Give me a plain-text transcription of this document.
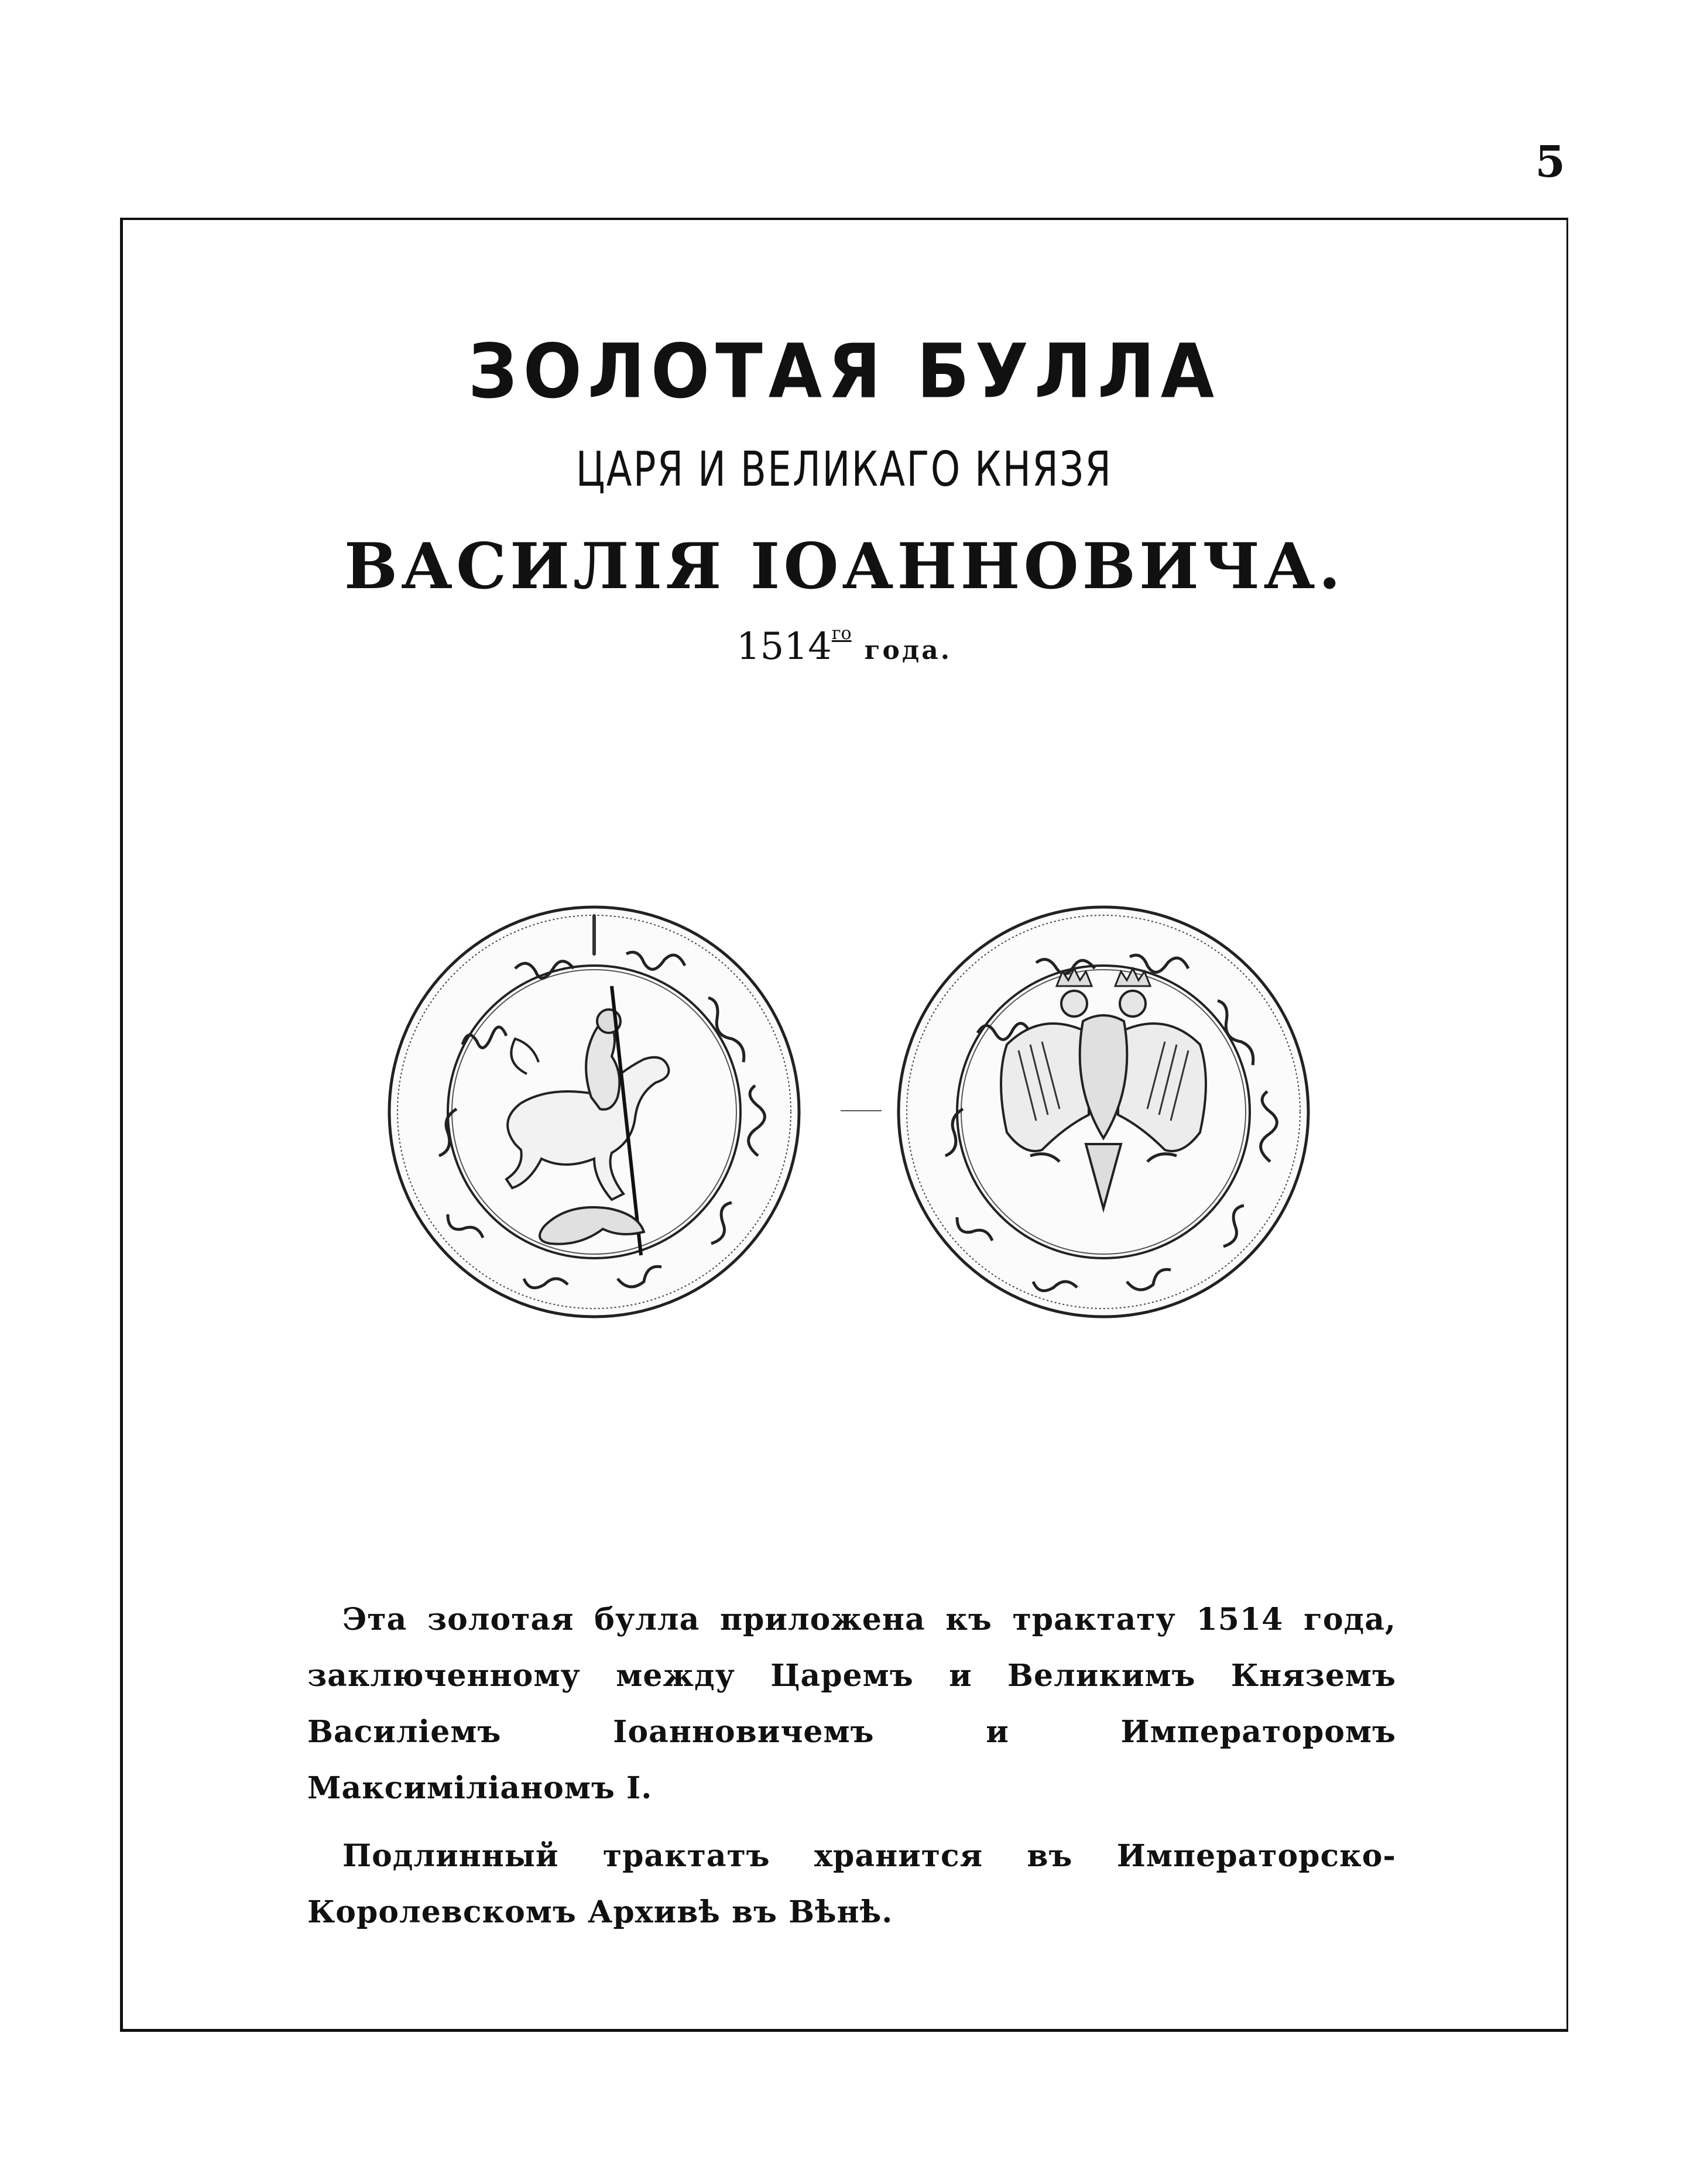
5
ЗОЛОТАЯ БУЛЛА
ЦАРЯ И ВЕЛИКАГО КНЯЗЯ
ВАСИЛІЯ ІОАННОВИЧА.
$1514^{го}года$.

Эта золотая булла приложена къ трактату 1514 года, заключенному между Царемъ и Великимъ Княземъ Василіемъ Іоанновичемъ и Императоромъ Максиміліаномъ I.

Подлинный трактатъ хранится въ Императорско-Королевскомъ Архивѣ въ Вѣнѣ.
